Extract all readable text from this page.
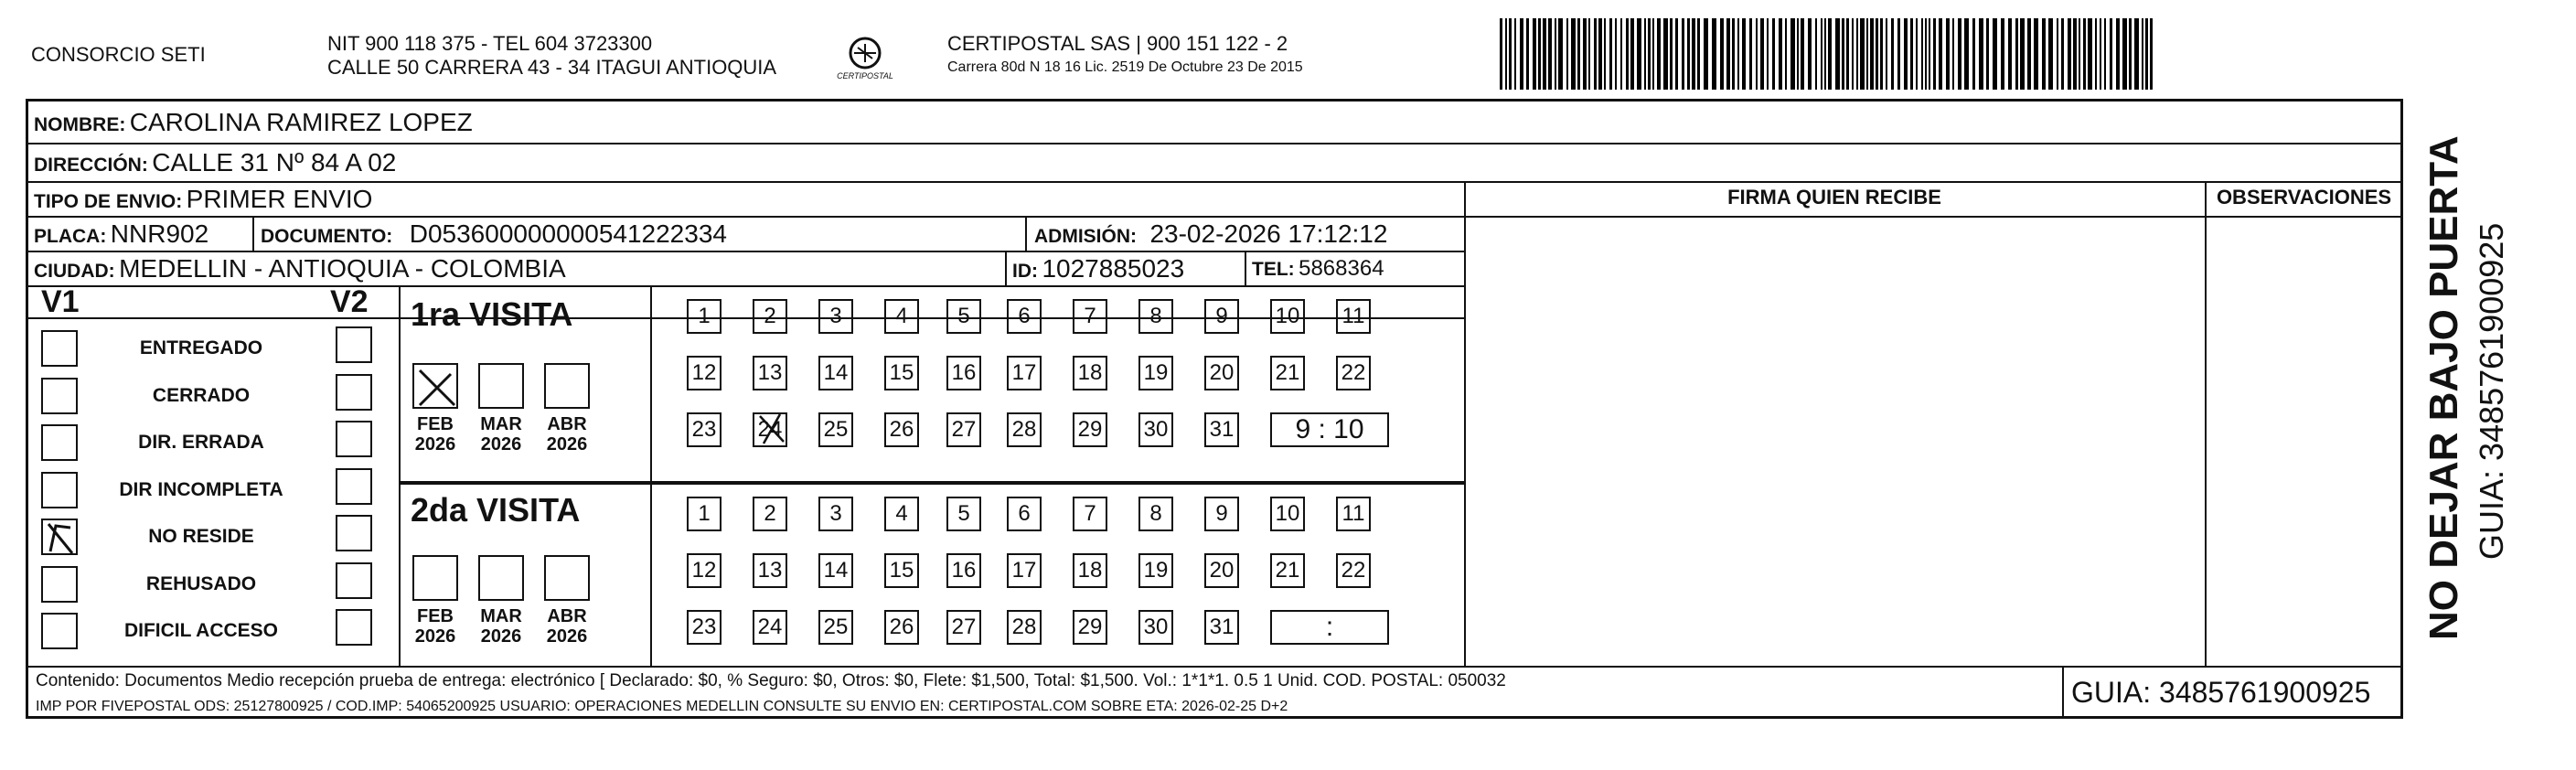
CONSORCIO SETI	NIT 900 118 375 - TEL 604 3723300
CALLE 50 CARRERA 43 - 34 ITAGUI ANTIOQUIA	CERTIPOSTAL
CERTIPOSTAL SAS | 900 151 122 - 2
Carrera 80d N 18 16 Lic. 2519 De Octubre 23 De 2015
NOMBRE: CAROLINA RAMIREZ LOPEZ
DIRECCIÓN: CALLE 31 Nº 84 A 02
TIPO DE ENVIO: PRIMER ENVIO
PLACA: NNR902	DOCUMENTO: D053600000000541222334	ADMISIÓN: 23-02-2026 17:12:12
CIUDAD: MEDELLIN - ANTIOQUIA - COLOMBIA	ID: 1027885023	TEL: 5868364
FIRMA QUIEN RECIBE	OBSERVACIONES
V1	V2
ENTREGADO
CERRADO
DIR. ERRADA
DIR INCOMPLETA
NO RESIDE
REHUSADO
DIFICIL ACCESO
1ra VISITA
2da VISITA
FEB
2026
MAR
2026
ABR
2026
FEB
2026
MAR
2026
ABR
2026
1	2	3	4	5	6	7	8	9	10 11
12 13 14 15 16 17 18 19 20 21 22
23 24 25 26 27 28 29 30 31	9 : 10
1	2	3	4	5	6	7	8	9	10 11
12 13 14 15 16 17 18 19 20 21 22
23 24 25 26 27 28 29 30 31	:
Contenido: Documentos Medio recepción prueba de entrega: electrónico [ Declarado: $0, % Seguro: $0, Otros: $0, Flete: $1,500, Total: $1,500. Vol.: 1*1*1. 0.5 1 Unid. COD. POSTAL: 050032
IMP POR FIVEPOSTAL ODS: 25127800925 / COD.IMP: 54065200925 USUARIO: OPERACIONES MEDELLIN CONSULTE SU ENVIO EN: CERTIPOSTAL.COM SOBRE ETA: 2026-02-25 D+2	GUIA: 3485761900925
NO DEJAR BAJO PUERTA GUIA: 3485761900925
